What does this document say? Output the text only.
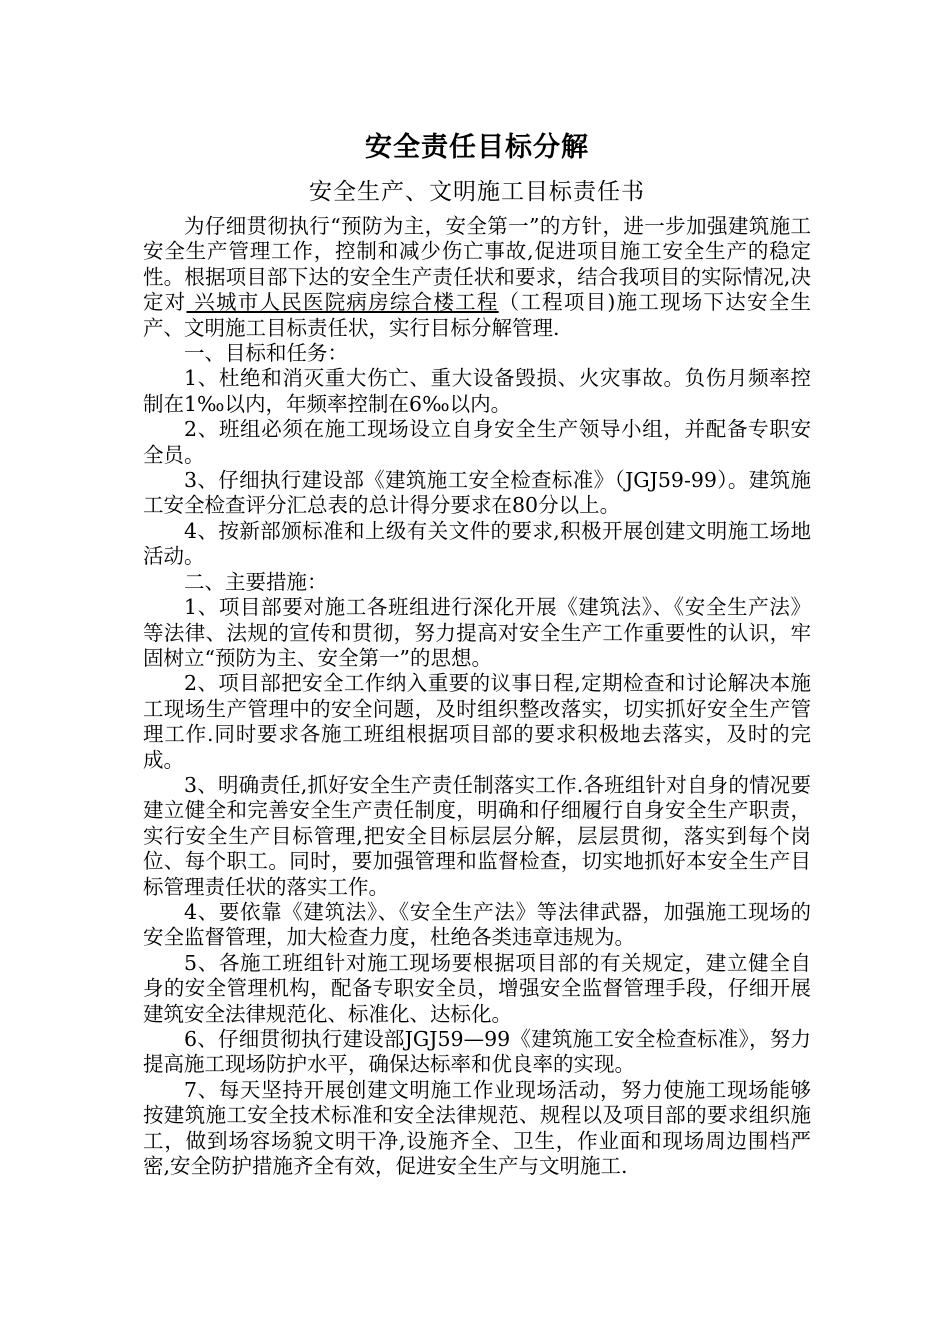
安全责任目标分解
安全生产、文明施工目标责任书

为仔细贯彻执行“预防为主，安全第一”的方针，进一步加强建筑施工安全生产管理工作，控制和减少伤亡事故,促进项目施工安全生产的稳定性。根据项目部下达的安全生产责任状和要求，结合我项目的实际情况,决定对 兴城市人民医院病房综合楼工程（工程项目)施工现场下达安全生产、文明施工目标责任状，实行目标分解管理.

一、目标和任务：

1、杜绝和消灭重大伤亡、重大设备毁损、火灾事故。负伤月频率控制在1‰以内，年频率控制在6‰以内。

2、班组必须在施工现场设立自身安全生产领导小组，并配备专职安全员。

3、仔细执行建设部《建筑施工安全检查标准》（JGJ59-99）。建筑施工安全检查评分汇总表的总计得分要求在80分以上。

4、按新部颁标准和上级有关文件的要求,积极开展创建文明施工场地活动。

二、主要措施：

1、项目部要对施工各班组进行深化开展《建筑法》、《安全生产法》等法律、法规的宣传和贯彻，努力提高对安全生产工作重要性的认识，牢固树立“预防为主、安全第一”的思想。

2、项目部把安全工作纳入重要的议事日程,定期检查和讨论解决本施工现场生产管理中的安全问题，及时组织整改落实，切实抓好安全生产管理工作.同时要求各施工班组根据项目部的要求积极地去落实，及时的完成。

3、明确责任,抓好安全生产责任制落实工作.各班组针对自身的情况要建立健全和完善安全生产责任制度，明确和仔细履行自身安全生产职责，实行安全生产目标管理,把安全目标层层分解，层层贯彻，落实到每个岗位、每个职工。同时，要加强管理和监督检查，切实地抓好本安全生产目标管理责任状的落实工作。

4、要依靠《建筑法》、《安全生产法》等法律武器，加强施工现场的安全监督管理，加大检查力度，杜绝各类违章违规为。

5、各施工班组针对施工现场要根据项目部的有关规定，建立健全自身的安全管理机构，配备专职安全员，增强安全监督管理手段，仔细开展建筑安全法律规范化、标准化、达标化。

6、仔细贯彻执行建设部JGJ59—99《建筑施工安全检查标准》，努力提高施工现场防护水平，确保达标率和优良率的实现。

7、每天坚持开展创建文明施工作业现场活动，努力使施工现场能够按建筑施工安全技术标准和安全法律规范、规程以及项目部的要求组织施工，做到场容场貌文明干净,设施齐全、卫生，作业面和现场周边围档严密,安全防护措施齐全有效，促进安全生产与文明施工.
